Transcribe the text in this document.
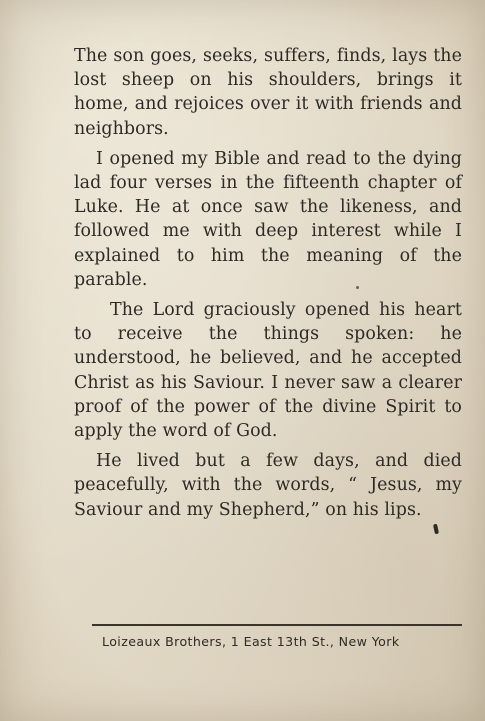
The son goes, seeks, suffers, finds, lays the lost sheep on his shoulders, brings it home, and rejoices over it with friends and neighbors.

I opened my Bible and read to the dying lad four verses in the fifteenth chapter of Luke. He at once saw the likeness, and followed me with deep interest while I explained to him the meaning of the parable.

The Lord graciously opened his heart to receive the things spoken: he understood, he believed, and he accepted Christ as his Saviour. I never saw a clearer proof of the power of the divine Spirit to apply the word of God.

He lived but a few days, and died peacefully, with the words, “ Jesus, my Saviour and my Shepherd,” on his lips.

Loizeaux Brothers, 1 East 13th St., New York
